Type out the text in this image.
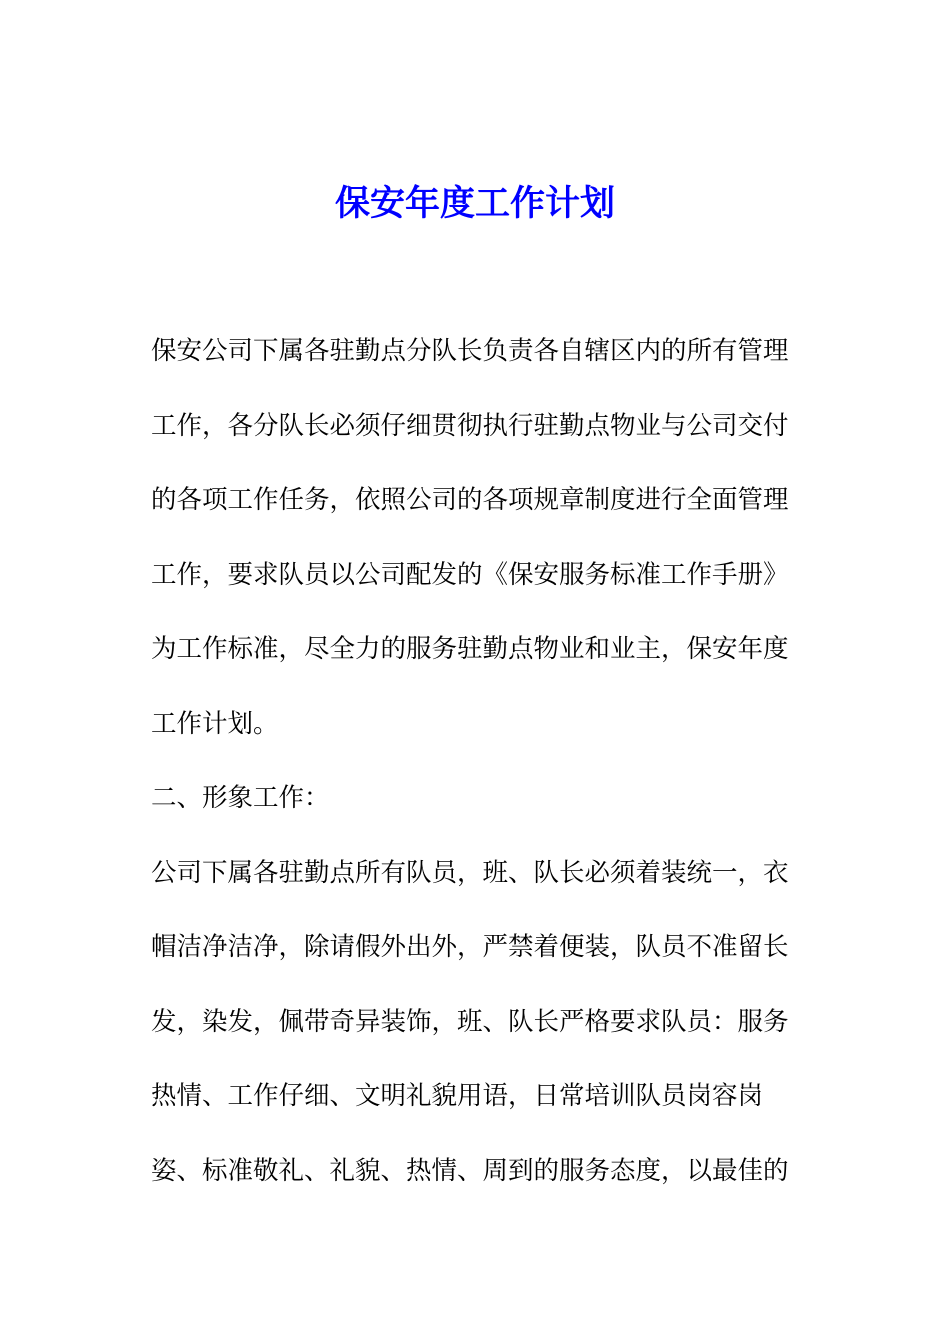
保安年度工作计划
保安公司下属各驻勤点分队长负责各自辖区内的所有管理
工作，各分队长必须仔细贯彻执行驻勤点物业与公司交付
的各项工作任务，依照公司的各项规章制度进行全面管理
工作，要求队员以公司配发的《保安服务标准工作手册》
为工作标准，尽全力的服务驻勤点物业和业主，保安年度
工作计划。
二、形象工作：
公司下属各驻勤点所有队员，班、队长必须着装统一，衣
帽洁净洁净，除请假外出外，严禁着便装，队员不准留长
发，染发，佩带奇异装饰，班、队长严格要求队员：服务
热情、工作仔细、文明礼貌用语，日常培训队员岗容岗
姿、标准敬礼、礼貌、热情、周到的服务态度，以最佳的
